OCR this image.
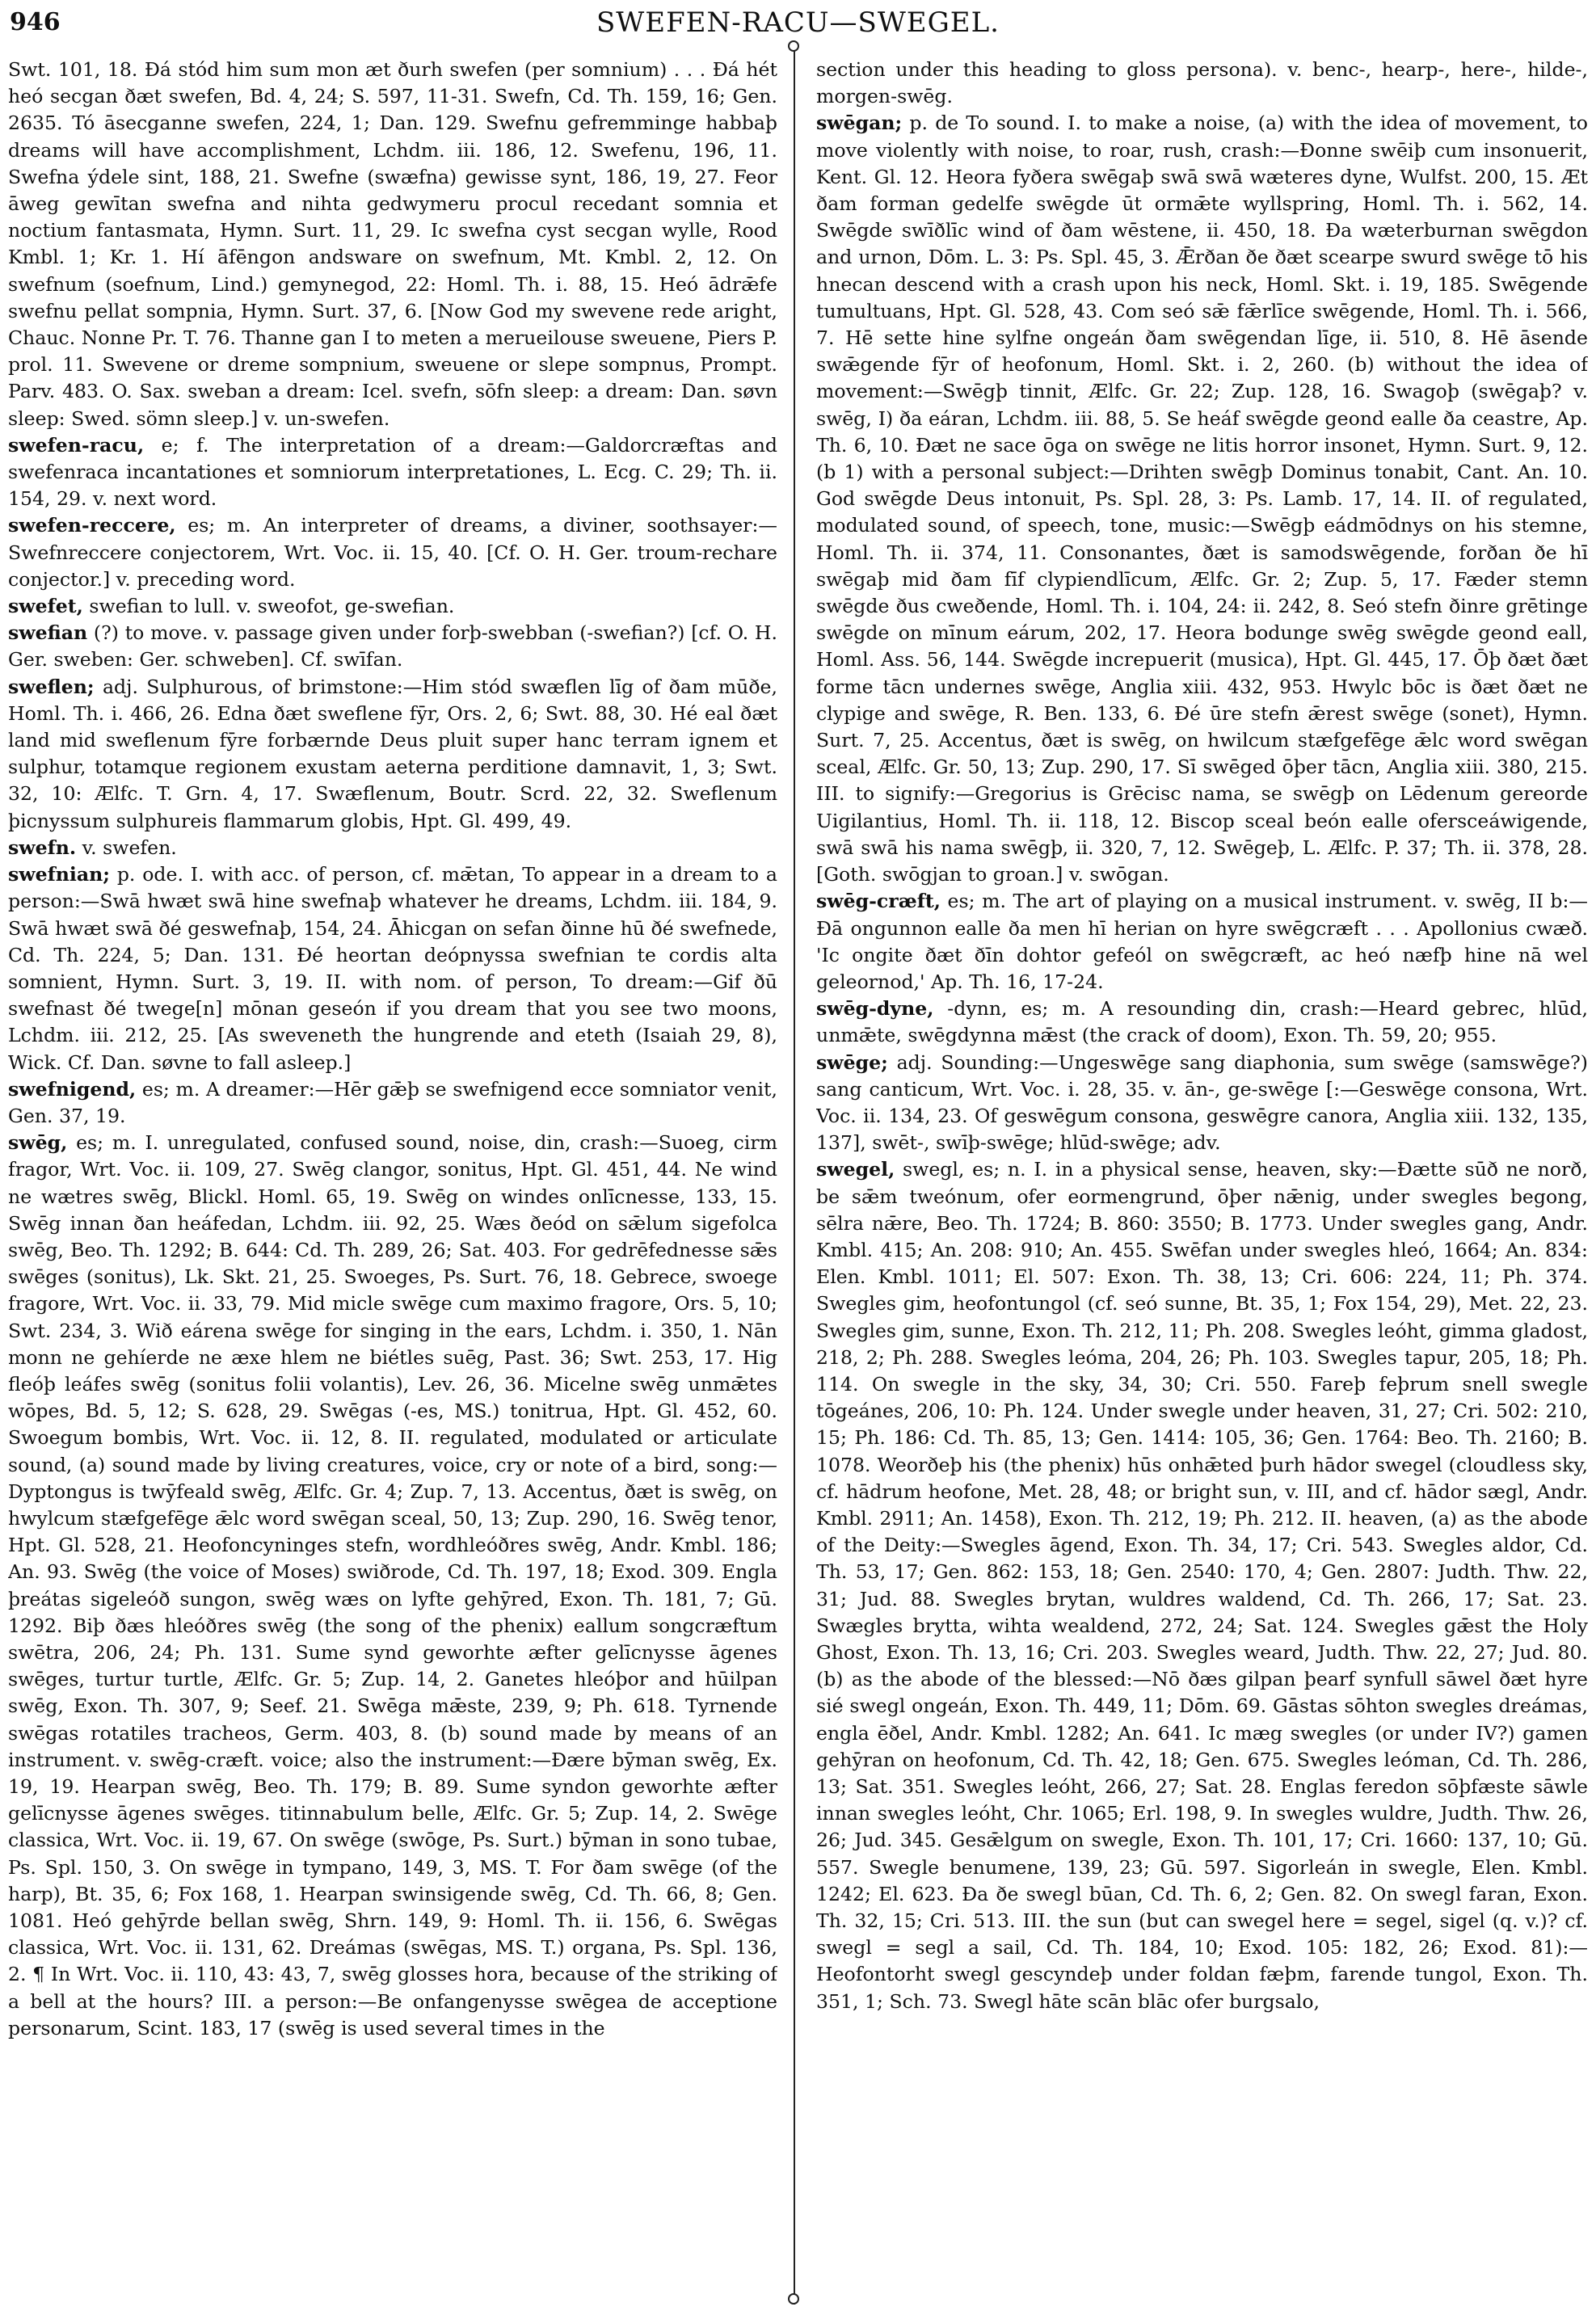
946	SWEFEN-RACU—SWEGEL.

Swt. 101, 18. Ðá stód him sum mon æt ðurh swefen (per somnium) . . . Ðá hét heó secgan ðæt swefen, Bd. 4, 24; S. 597, 11-31. Swefn, Cd. Th. 159, 16; Gen. 2635. Tó āsecganne swefen, 224, 1; Dan. 129. Swefnu gefremminge habbaþ dreams will have accomplishment, Lchdm. iii. 186, 12. Swefenu, 196, 11. Swefna ýdele sint, 188, 21. Swefne (swæfna) gewisse synt, 186, 19, 27. Feor āweg gewītan swefna and nihta gedwymeru procul recedant somnia et noctium fantasmata, Hymn. Surt. 11, 29. Ic swefna cyst secgan wylle, Rood Kmbl. 1; Kr. 1. Hí āfēngon andsware on swefnum, Mt. Kmbl. 2, 12. On swefnum (soefnum, Lind.) gemynegod, 22: Homl. Th. i. 88, 15. Heó ādrǣfe swefnu pellat sompnia, Hymn. Surt. 37, 6. [Now God my swevene rede aright, Chauc. Nonne Pr. T. 76. Thanne gan I to meten a merueilouse sweuene, Piers P. prol. 11. Swevene or dreme sompnium, sweuene or slepe sompnus, Prompt. Parv. 483. O. Sax. sweban a dream: Icel. svefn, sōfn sleep: a dream: Dan. søvn sleep: Swed. sömn sleep.] v. un-swefen.

swefen-racu, e; f. The interpretation of a dream:—Galdorcræftas and swefenraca incantationes et somniorum interpretationes, L. Ecg. C. 29; Th. ii. 154, 29. v. next word.

swefen-reccere, es; m. An interpreter of dreams, a diviner, soothsayer:—Swefnreccere conjectorem, Wrt. Voc. ii. 15, 40. [Cf. O. H. Ger. troum-rechare conjector.] v. preceding word.

swefet, swefian to lull. v. sweofot, ge-swefian.

swefian (?) to move. v. passage given under forþ-swebban (-swefian?) [cf. O. H. Ger. sweben: Ger. schweben]. Cf. swīfan.

sweflen; adj. Sulphurous, of brimstone:—Him stód swæflen līg of ðam mūðe, Homl. Th. i. 466, 26. Edna ðæt sweflene fȳr, Ors. 2, 6; Swt. 88, 30. Hé eal ðæt land mid sweflenum fȳre forbærnde Deus pluit super hanc terram ignem et sulphur, totamque regionem exustam aeterna perditione damnavit, 1, 3; Swt. 32, 10: Ælfc. T. Grn. 4, 17. Swæflenum, Boutr. Scrd. 22, 32. Sweflenum þicnyssum sulphureis flammarum globis, Hpt. Gl. 499, 49.

swefn. v. swefen.

swefnian; p. ode. I. with acc. of person, cf. mǣtan, To appear in a dream to a person:—Swā hwæt swā hine swefnaþ whatever he dreams, Lchdm. iii. 184, 9. Swā hwæt swā ðé geswefnaþ, 154, 24. Āhicgan on sefan ðinne hū ðé swefnede, Cd. Th. 224, 5; Dan. 131. Ðé heortan deópnyssa swefnian te cordis alta somnient, Hymn. Surt. 3, 19. II. with nom. of person, To dream:—Gif ðū swefnast ðé twege[n] mōnan geseón if you dream that you see two moons, Lchdm. iii. 212, 25. [As sweveneth the hungrende and eteth (Isaiah 29, 8), Wick. Cf. Dan. søvne to fall asleep.]

swefnigend, es; m. A dreamer:—Hēr gǣþ se swefnigend ecce somniator venit, Gen. 37, 19.

swēg, es; m. I. unregulated, confused sound, noise, din, crash:—Suoeg, cirm fragor, Wrt. Voc. ii. 109, 27. Swēg clangor, sonitus, Hpt. Gl. 451, 44. Ne wind ne wætres swēg, Blickl. Homl. 65, 19. Swēg on windes onlīcnesse, 133, 15. Swēg innan ðan heáfedan, Lchdm. iii. 92, 25. Wæs ðeód on sǣlum sigefolca swēg, Beo. Th. 1292; B. 644: Cd. Th. 289, 26; Sat. 403. For gedrēfednesse sǣs swēges (sonitus), Lk. Skt. 21, 25. Swoeges, Ps. Surt. 76, 18. Gebrece, swoege fragore, Wrt. Voc. ii. 33, 79. Mid micle swēge cum maximo fragore, Ors. 5, 10; Swt. 234, 3. Wið eárena swēge for singing in the ears, Lchdm. i. 350, 1. Nān monn ne gehíerde ne æxe hlem ne biétles suēg, Past. 36; Swt. 253, 17. Hig fleóþ leáfes swēg (sonitus folii volantis), Lev. 26, 36. Micelne swēg unmǣtes wōpes, Bd. 5, 12; S. 628, 29. Swēgas (-es, MS.) tonitrua, Hpt. Gl. 452, 60. Swoegum bombis, Wrt. Voc. ii. 12, 8. II. regulated, modulated or articulate sound, (a) sound made by living creatures, voice, cry or note of a bird, song:—Dyptongus is twȳfeald swēg, Ælfc. Gr. 4; Zup. 7, 13. Accentus, ðæt is swēg, on hwylcum stæfgefēge ǣlc word swēgan sceal, 50, 13; Zup. 290, 16. Swēg tenor, Hpt. Gl. 528, 21. Heofoncyninges stefn, wordhleóðres swēg, Andr. Kmbl. 186; An. 93. Swēg (the voice of Moses) swiðrode, Cd. Th. 197, 18; Exod. 309. Engla þreátas sigeleóð sungon, swēg wæs on lyfte gehȳred, Exon. Th. 181, 7; Gū. 1292. Biþ ðæs hleóðres swēg (the song of the phenix) eallum songcræftum swētra, 206, 24; Ph. 131. Sume synd geworhte æfter gelīcnysse āgenes swēges, turtur turtle, Ælfc. Gr. 5; Zup. 14, 2. Ganetes hleóþor and hūilpan swēg, Exon. Th. 307, 9; Seef. 21. Swēga mǣste, 239, 9; Ph. 618. Tyrnende swēgas rotatiles tracheos, Germ. 403, 8. (b) sound made by means of an instrument. v. swēg-cræft. voice; also the instrument:—Ðære bȳman swēg, Ex. 19, 19. Hearpan swēg, Beo. Th. 179; B. 89. Sume syndon geworhte æfter gelīcnysse āgenes swēges. titinnabulum belle, Ælfc. Gr. 5; Zup. 14, 2. Swēge classica, Wrt. Voc. ii. 19, 67. On swēge (swōge, Ps. Surt.) bȳman in sono tubae, Ps. Spl. 150, 3. On swēge in tympano, 149, 3, MS. T. For ðam swēge (of the harp), Bt. 35, 6; Fox 168, 1. Hearpan swinsigende swēg, Cd. Th. 66, 8; Gen. 1081. Heó gehȳrde bellan swēg, Shrn. 149, 9: Homl. Th. ii. 156, 6. Swēgas classica, Wrt. Voc. ii. 131, 62. Dreámas (swēgas, MS. T.) organa, Ps. Spl. 136, 2. ¶ In Wrt. Voc. ii. 110, 43: 43, 7, swēg glosses hora, because of the striking of a bell at the hours? III. a person:—Be onfangenysse swēgea de acceptione personarum, Scint. 183, 17 (swēg is used several times in the

section under this heading to gloss persona). v. benc-, hearp-, here-, hilde-, morgen-swēg.

swēgan; p. de To sound. I. to make a noise, (a) with the idea of movement, to move violently with noise, to roar, rush, crash:—Ðonne swēiþ cum insonuerit, Kent. Gl. 12. Heora fyðera swēgaþ swā swā wæteres dyne, Wulfst. 200, 15. Æt ðam forman gedelfe swēgde ūt ormǣte wyllspring, Homl. Th. i. 562, 14. Swēgde swīðlīc wind of ðam wēstene, ii. 450, 18. Ða wæterburnan swēgdon and urnon, Dōm. L. 3: Ps. Spl. 45, 3. Ǣrðan ðe ðæt scearpe swurd swēge tō his hnecan descend with a crash upon his neck, Homl. Skt. i. 19, 185. Swēgende tumultuans, Hpt. Gl. 528, 43. Com seó sǣ fǣrlīce swēgende, Homl. Th. i. 566, 7. Hē sette hine sylfne ongeán ðam swēgendan līge, ii. 510, 8. Hē āsende swǣgende fȳr of heofonum, Homl. Skt. i. 2, 260. (b) without the idea of movement:—Swēgþ tinnit, Ælfc. Gr. 22; Zup. 128, 16. Swagoþ (swēgaþ? v. swēg, I) ða eáran, Lchdm. iii. 88, 5. Se heáf swēgde geond ealle ða ceastre, Ap. Th. 6, 10. Ðæt ne sace ōga on swēge ne litis horror insonet, Hymn. Surt. 9, 12. (b 1) with a personal subject:—Drihten swēgþ Dominus tonabit, Cant. An. 10. God swēgde Deus intonuit, Ps. Spl. 28, 3: Ps. Lamb. 17, 14. II. of regulated, modulated sound, of speech, tone, music:—Swēgþ eádmōdnys on his stemne, Homl. Th. ii. 374, 11. Consonantes, ðæt is samodswēgende, forðan ðe hī swēgaþ mid ðam fīf clypiendlīcum, Ælfc. Gr. 2; Zup. 5, 17. Fæder stemn swēgde ðus cweðende, Homl. Th. i. 104, 24: ii. 242, 8. Seó stefn ðinre grētinge swēgde on mīnum eárum, 202, 17. Heora bodunge swēg swēgde geond eall, Homl. Ass. 56, 144. Swēgde increpuerit (musica), Hpt. Gl. 445, 17. Ōþ ðæt ðæt forme tācn undernes swēge, Anglia xiii. 432, 953. Hwylc bōc is ðæt ðæt ne clypige and swēge, R. Ben. 133, 6. Ðé ūre stefn ǣrest swēge (sonet), Hymn. Surt. 7, 25. Accentus, ðæt is swēg, on hwilcum stæfgefēge ǣlc word swēgan sceal, Ælfc. Gr. 50, 13; Zup. 290, 17. Sī swēged ōþer tācn, Anglia xiii. 380, 215. III. to signify:—Gregorius is Grēcisc nama, se swēgþ on Lēdenum gereorde Uigilantius, Homl. Th. ii. 118, 12. Biscop sceal beón ealle ofersceáwigende, swā swā his nama swēgþ, ii. 320, 7, 12. Swēgeþ, L. Ælfc. P. 37; Th. ii. 378, 28. [Goth. swōgjan to groan.] v. swōgan.

swēg-cræft, es; m. The art of playing on a musical instrument. v. swēg, II b:—Ðā ongunnon ealle ða men hī herian on hyre swēgcræft . . . Apollonius cwæð. 'Ic ongite ðæt ðīn dohtor gefeól on swēgcræft, ac heó næfþ hine nā wel geleornod,' Ap. Th. 16, 17-24.

swēg-dyne, -dynn, es; m. A resounding din, crash:—Heard gebrec, hlūd, unmǣte, swēgdynna mǣst (the crack of doom), Exon. Th. 59, 20; 955.

swēge; adj. Sounding:—Ungeswēge sang diaphonia, sum swēge (samswēge?) sang canticum, Wrt. Voc. i. 28, 35. v. ān-, ge-swēge [:—Geswēge consona, Wrt. Voc. ii. 134, 23. Of geswēgum consona, geswēgre canora, Anglia xiii. 132, 135, 137], swēt-, swīþ-swēge; hlūd-swēge; adv.

swegel, swegl, es; n. I. in a physical sense, heaven, sky:—Ðætte sūð ne norð, be sǣm tweónum, ofer eormengrund, ōþer nǣnig, under swegles begong, sēlra nǣre, Beo. Th. 1724; B. 860: 3550; B. 1773. Under swegles gang, Andr. Kmbl. 415; An. 208: 910; An. 455. Swēfan under swegles hleó, 1664; An. 834: Elen. Kmbl. 1011; El. 507: Exon. Th. 38, 13; Cri. 606: 224, 11; Ph. 374. Swegles gim, heofontungol (cf. seó sunne, Bt. 35, 1; Fox 154, 29), Met. 22, 23. Swegles gim, sunne, Exon. Th. 212, 11; Ph. 208. Swegles leóht, gimma gladost, 218, 2; Ph. 288. Swegles leóma, 204, 26; Ph. 103. Swegles tapur, 205, 18; Ph. 114. On swegle in the sky, 34, 30; Cri. 550. Fareþ feþrum snell swegle tōgeánes, 206, 10: Ph. 124. Under swegle under heaven, 31, 27; Cri. 502: 210, 15; Ph. 186: Cd. Th. 85, 13; Gen. 1414: 105, 36; Gen. 1764: Beo. Th. 2160; B. 1078. Weorðeþ his (the phenix) hūs onhǣted þurh hādor swegel (cloudless sky, cf. hādrum heofone, Met. 28, 48; or bright sun, v. III, and cf. hādor sægl, Andr. Kmbl. 2911; An. 1458), Exon. Th. 212, 19; Ph. 212. II. heaven, (a) as the abode of the Deity:—Swegles āgend, Exon. Th. 34, 17; Cri. 543. Swegles aldor, Cd. Th. 53, 17; Gen. 862: 153, 18; Gen. 2540: 170, 4; Gen. 2807: Judth. Thw. 22, 31; Jud. 88. Swegles brytan, wuldres waldend, Cd. Th. 266, 17; Sat. 23. Swægles brytta, wihta wealdend, 272, 24; Sat. 124. Swegles gǣst the Holy Ghost, Exon. Th. 13, 16; Cri. 203. Swegles weard, Judth. Thw. 22, 27; Jud. 80. (b) as the abode of the blessed:—Nō ðæs gilpan þearf synfull sāwel ðæt hyre sié swegl ongeán, Exon. Th. 449, 11; Dōm. 69. Gāstas sōhton swegles dreámas, engla ēðel, Andr. Kmbl. 1282; An. 641. Ic mæg swegles (or under IV?) gamen gehȳran on heofonum, Cd. Th. 42, 18; Gen. 675. Swegles leóman, Cd. Th. 286, 13; Sat. 351. Swegles leóht, 266, 27; Sat. 28. Englas feredon sōþfæste sāwle innan swegles leóht, Chr. 1065; Erl. 198, 9. In swegles wuldre, Judth. Thw. 26, 26; Jud. 345. Gesǣlgum on swegle, Exon. Th. 101, 17; Cri. 1660: 137, 10; Gū. 557. Swegle benumene, 139, 23; Gū. 597. Sigorleán in swegle, Elen. Kmbl. 1242; El. 623. Ða ðe swegl būan, Cd. Th. 6, 2; Gen. 82. On swegl faran, Exon. Th. 32, 15; Cri. 513. III. the sun (but can swegel here = segel, sigel (q. v.)? cf. swegl = segl a sail, Cd. Th. 184, 10; Exod. 105: 182, 26; Exod. 81):—Heofontorht swegl gescyndeþ under foldan fæþm, farende tungol, Exon. Th. 351, 1; Sch. 73. Swegl hāte scān blāc ofer burgsalo,
